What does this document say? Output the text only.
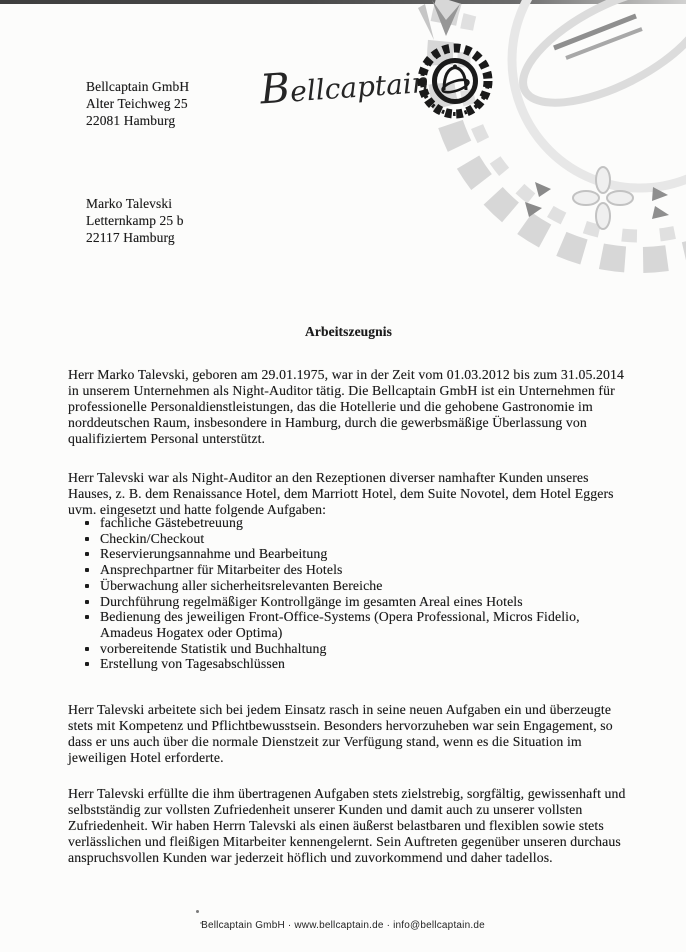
Bellcaptain GmbH
Alter Teichweg 25
22081 Hamburg
Bellcaptain
Marko Talevski
Letternkamp 25 b
22117 Hamburg
Arbeitszeugnis

Herr Marko Talevski, geboren am 29.01.1975, war in der Zeit vom 01.03.2012 bis zum 31.05.2014 in unserem Unternehmen als Night-Auditor tätig. Die Bellcaptain GmbH ist ein Unternehmen für professionelle Personaldienstleistungen, das die Hotellerie und die gehobene Gastronomie im norddeutschen Raum, insbesondere in Hamburg, durch die gewerbsmäßige Überlassung von qualifiziertem Personal unterstützt.

Herr Talevski war als Night-Auditor an den Rezeptionen diverser namhafter Kunden unseres Hauses, z. B. dem Renaissance Hotel, dem Marriott Hotel, dem Suite Novotel, dem Hotel Eggers uvm. eingesetzt und hatte folgende Aufgaben:

fachliche Gästebetreuung
Checkin/Checkout
Reservierungsannahme und Bearbeitung
Ansprechpartner für Mitarbeiter des Hotels
Überwachung aller sicherheitsrelevanten Bereiche
Durchführung regelmäßiger Kontrollgänge im gesamten Areal eines Hotels
Bedienung des jeweiligen Front-Office-Systems (Opera Professional, Micros Fidelio, Amadeus Hogatex oder Optima)
vorbereitende Statistik und Buchhaltung
Erstellung von Tagesabschlüssen

Herr Talevski arbeitete sich bei jedem Einsatz rasch in seine neuen Aufgaben ein und überzeugte stets mit Kompetenz und Pflichtbewusstsein. Besonders hervorzuheben war sein Engagement, so dass er uns auch über die normale Dienstzeit zur Verfügung stand, wenn es die Situation im jeweiligen Hotel erforderte.

Herr Talevski erfüllte die ihm übertragenen Aufgaben stets zielstrebig, sorgfältig, gewissenhaft und selbstständig zur vollsten Zufriedenheit unserer Kunden und damit auch zu unserer vollsten Zufriedenheit. Wir haben Herrn Talevski als einen äußerst belastbaren und flexiblen sowie stets verlässlichen und fleißigen Mitarbeiter kennengelernt. Sein Auftreten gegenüber unseren durchaus anspruchsvollen Kunden war jederzeit höflich und zuvorkommend und daher tadellos.

Bellcaptain GmbH · www.bellcaptain.de · info@bellcaptain.de
